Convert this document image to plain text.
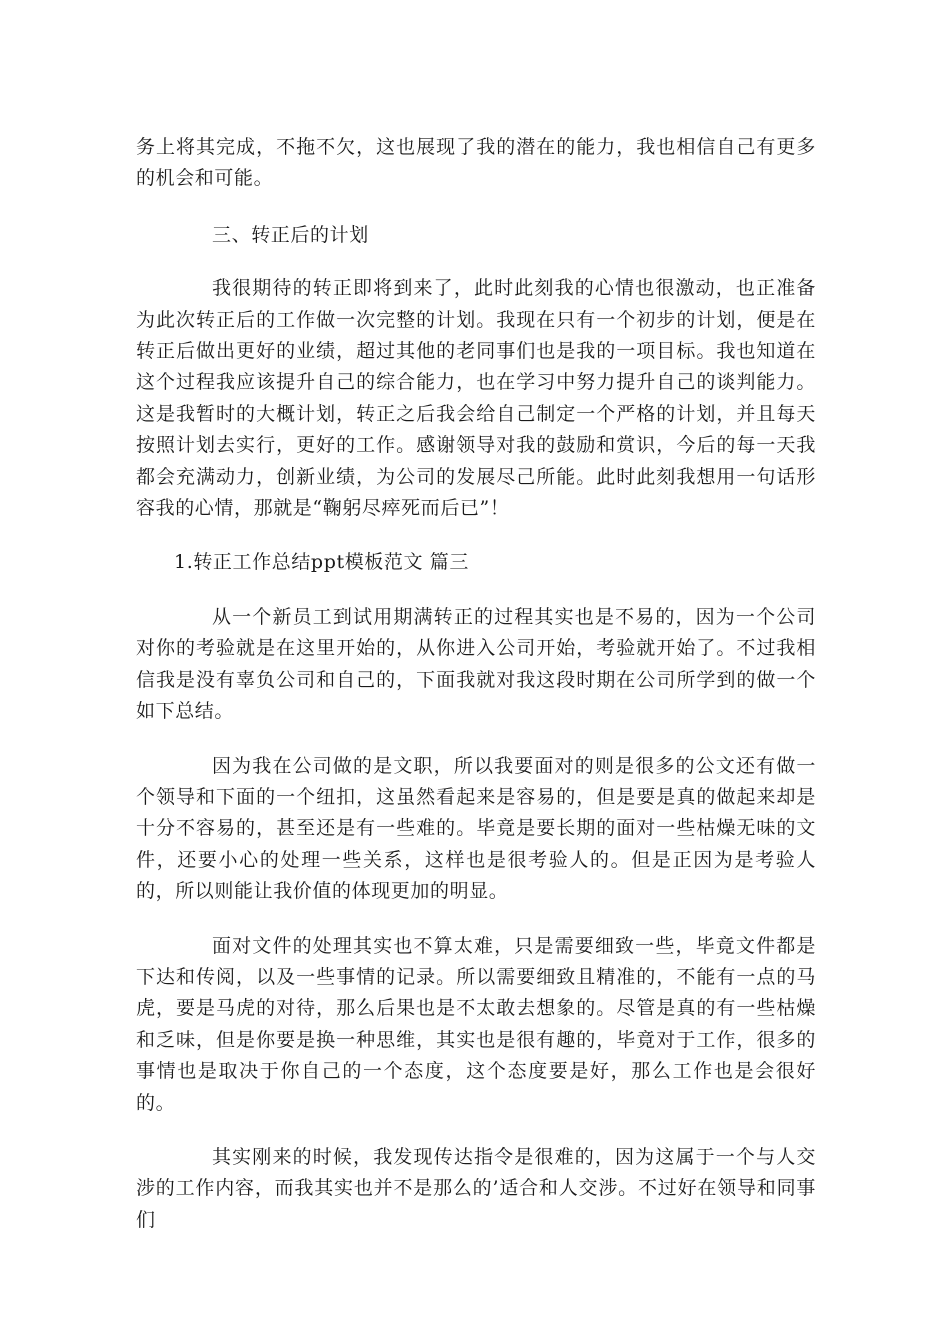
务上将其完成，不拖不欠，这也展现了我的潜在的能力，我也相信自己有更多的机会和可能。

三、转正后的计划

我很期待的转正即将到来了，此时此刻我的心情也很激动，也正准备为此次转正后的工作做一次完整的计划。我现在只有一个初步的计划，便是在转正后做出更好的业绩，超过其他的老同事们也是我的一项目标。我也知道在这个过程我应该提升自己的综合能力，也在学习中努力提升自己的谈判能力。这是我暂时的大概计划，转正之后我会给自己制定一个严格的计划，并且每天按照计划去实行，更好的工作。感谢领导对我的鼓励和赏识，今后的每一天我都会充满动力，创新业绩，为公司的发展尽己所能。此时此刻我想用一句话形容我的心情，那就是“鞠躬尽瘁死而后已”！

1.转正工作总结ppt模板范文 篇三

从一个新员工到试用期满转正的过程其实也是不易的，因为一个公司对你的考验就是在这里开始的，从你进入公司开始，考验就开始了。不过我相信我是没有辜负公司和自己的，下面我就对我这段时期在公司所学到的做一个如下总结。

因为我在公司做的是文职，所以我要面对的则是很多的公文还有做一个领导和下面的一个纽扣，这虽然看起来是容易的，但是要是真的做起来却是十分不容易的，甚至还是有一些难的。毕竟是要长期的面对一些枯燥无味的文件，还要小心的处理一些关系，这样也是很考验人的。但是正因为是考验人的，所以则能让我价值的体现更加的明显。

面对文件的处理其实也不算太难，只是需要细致一些，毕竟文件都是下达和传阅，以及一些事情的记录。所以需要细致且精准的，不能有一点的马虎，要是马虎的对待，那么后果也是不太敢去想象的。尽管是真的有一些枯燥和乏味，但是你要是换一种思维，其实也是很有趣的，毕竟对于工作，很多的事情也是取决于你自己的一个态度，这个态度要是好，那么工作也是会很好的。

其实刚来的时候，我发现传达指令是很难的，因为这属于一个与人交涉的工作内容，而我其实也并不是那么的’适合和人交涉。不过好在领导和同事们
